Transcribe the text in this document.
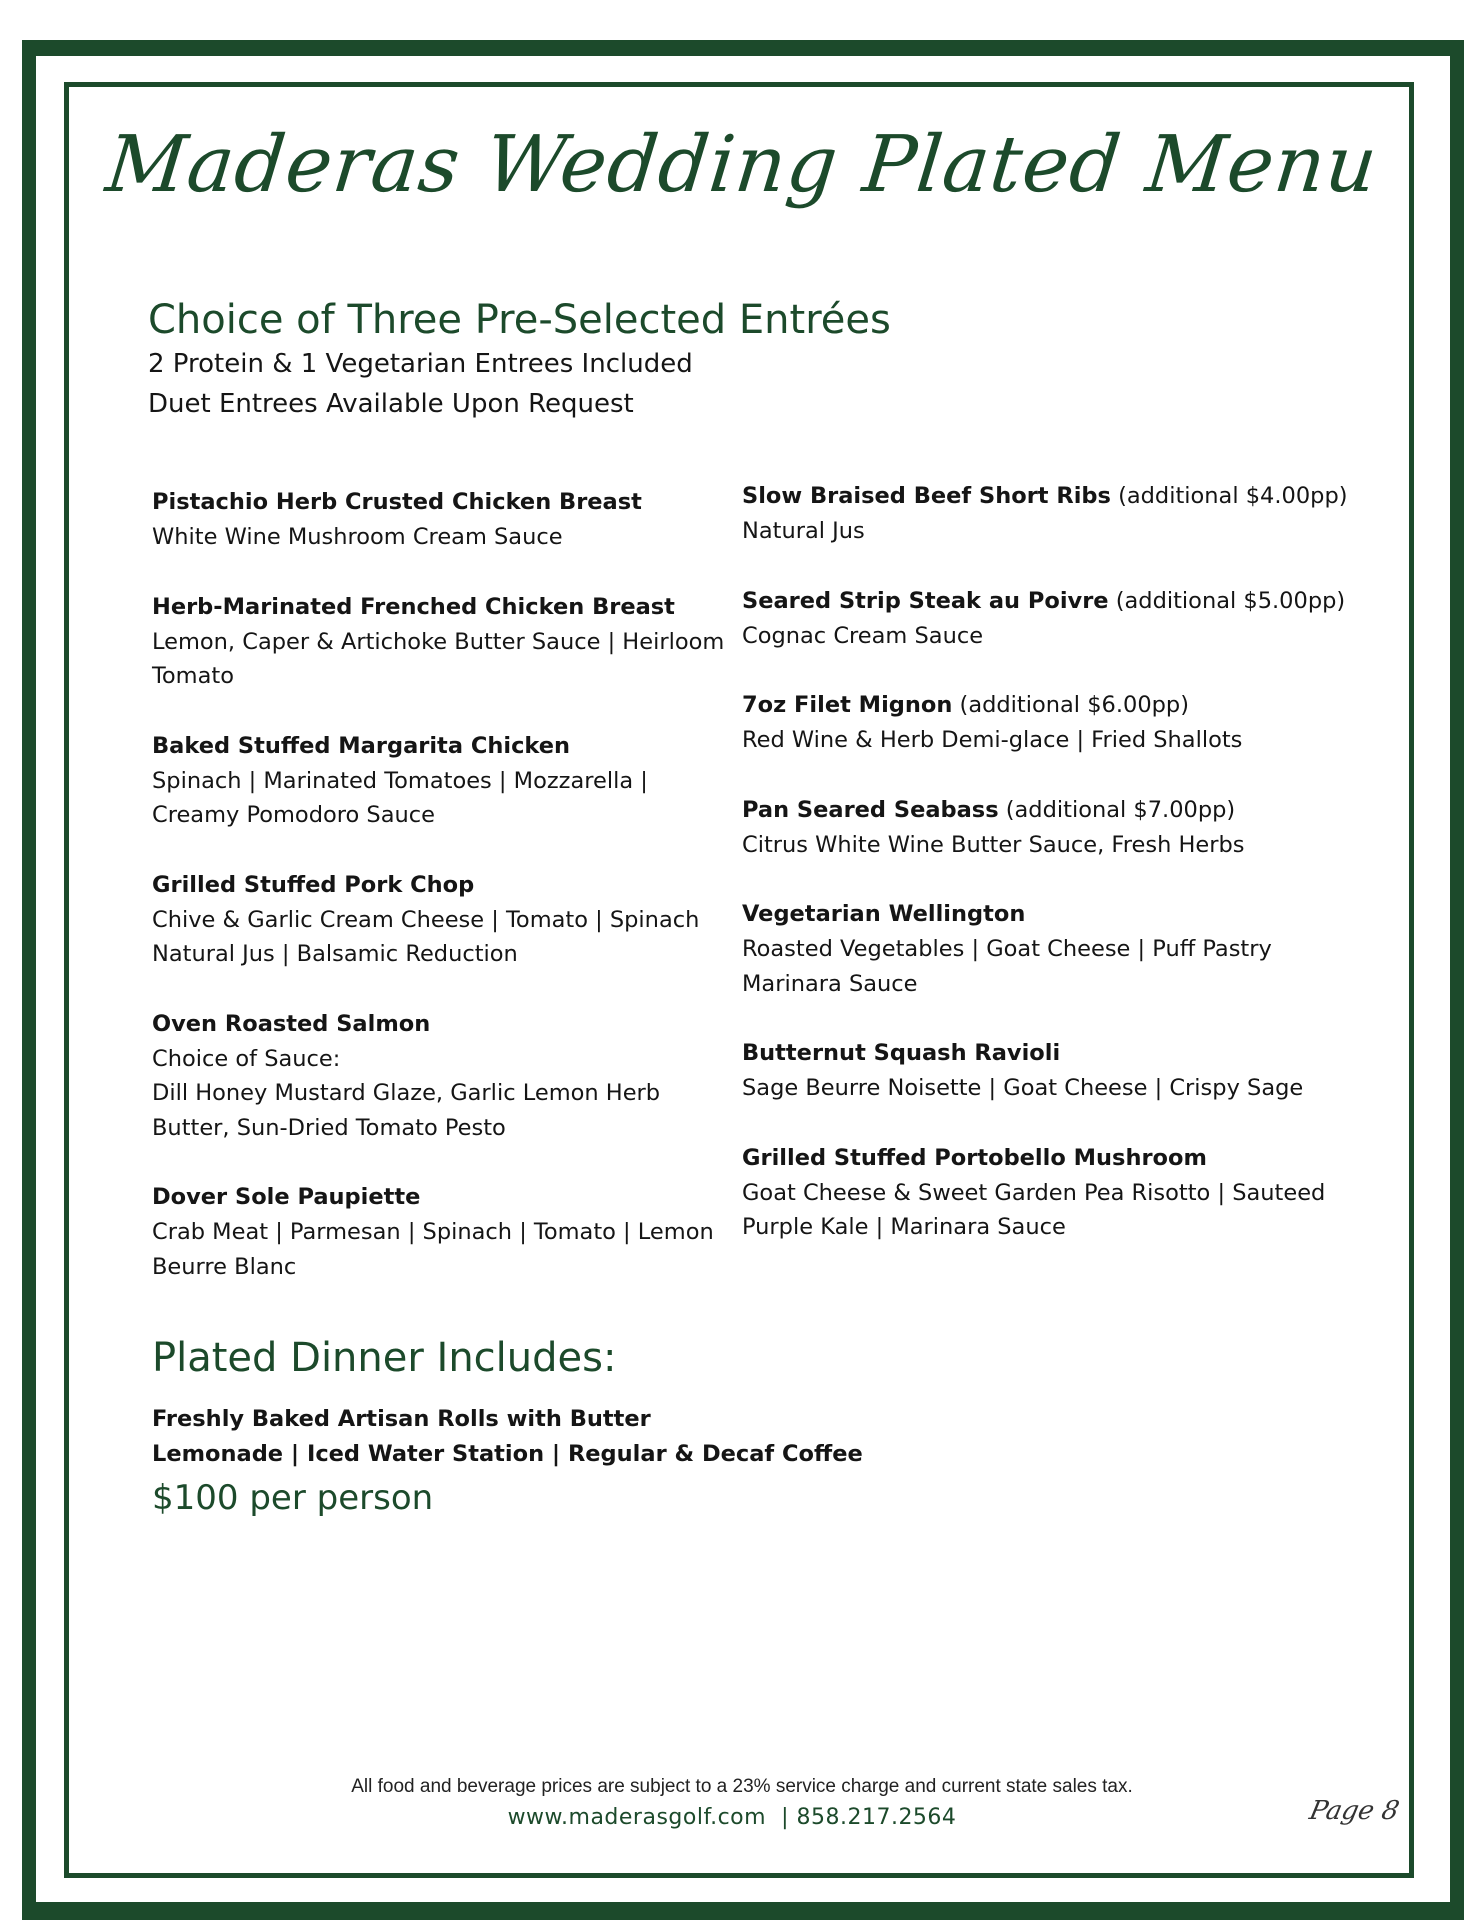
Maderas Wedding Plated Menu
Choice of Three Pre-Selected Entrées
2 Protein & 1 Vegetarian Entrees Included
Duet Entrees Available Upon Request
Pistachio Herb Crusted Chicken Breast
White Wine Mushroom Cream Sauce
Herb-Marinated Frenched Chicken Breast
Lemon, Caper & Artichoke Butter Sauce | Heirloom Tomato
Baked Stuffed Margarita Chicken
Spinach | Marinated Tomatoes | Mozzarella | Creamy Pomodoro Sauce
Grilled Stuffed Pork Chop
Chive & Garlic Cream Cheese | Tomato | Spinach Natural Jus | Balsamic Reduction
Oven Roasted Salmon
Choice of Sauce:
Dill Honey Mustard Glaze, Garlic Lemon Herb Butter, Sun-Dried Tomato Pesto
Dover Sole Paupiette
Crab Meat | Parmesan | Spinach | Tomato | Lemon Beurre Blanc
Slow Braised Beef Short Ribs (additional $4.00pp)
Natural Jus
Seared Strip Steak au Poivre (additional $5.00pp)
Cognac Cream Sauce
7oz Filet Mignon (additional $6.00pp)
Red Wine & Herb Demi-glace | Fried Shallots
Pan Seared Seabass (additional $7.00pp)
Citrus White Wine Butter Sauce, Fresh Herbs
Vegetarian Wellington
Roasted Vegetables | Goat Cheese | Puff Pastry Marinara Sauce
Butternut Squash Ravioli
Sage Beurre Noisette | Goat Cheese | Crispy Sage
Grilled Stuffed Portobello Mushroom
Goat Cheese & Sweet Garden Pea Risotto | Sauteed Purple Kale | Marinara Sauce
Plated Dinner Includes:
Freshly Baked Artisan Rolls with Butter
Lemonade | Iced Water Station | Regular & Decaf Coffee
$100 per person
All food and beverage prices are subject to a 23% service charge and current state sales tax.
www.maderasgolf.com  | 858.217.2564	Page 8
